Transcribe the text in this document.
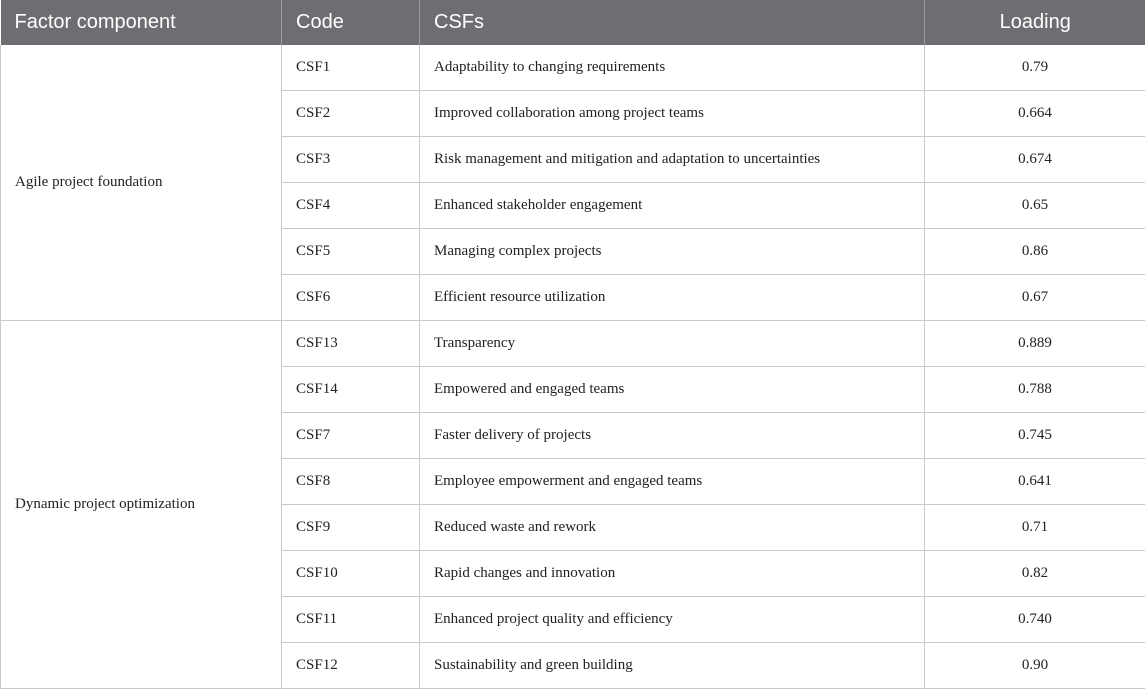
Factor component	Code	CSFs	Loading
Agile project foundation	CSF1	Adaptability to changing requirements	0.79
	CSF2	Improved collaboration among project teams	0.664
	CSF3	Risk management and mitigation and adaptation to uncertainties	0.674
	CSF4	Enhanced stakeholder engagement	0.65
	CSF5	Managing complex projects	0.86
	CSF6	Efficient resource utilization	0.67
Dynamic project optimization	CSF13	Transparency	0.889
	CSF14	Empowered and engaged teams	0.788
	CSF7	Faster delivery of projects	0.745
	CSF8	Employee empowerment and engaged teams	0.641
	CSF9	Reduced waste and rework	0.71
	CSF10	Rapid changes and innovation	0.82
	CSF11	Enhanced project quality and efficiency	0.740
	CSF12	Sustainability and green building	0.90
